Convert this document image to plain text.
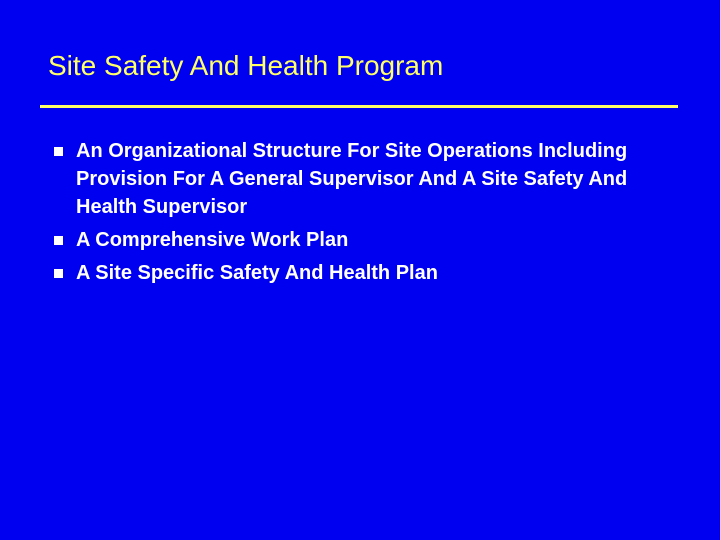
Site Safety And Health Program
An Organizational Structure For Site Operations Including Provision For A General Supervisor And A Site Safety And Health Supervisor
A Comprehensive Work Plan
A Site Specific Safety And Health Plan
